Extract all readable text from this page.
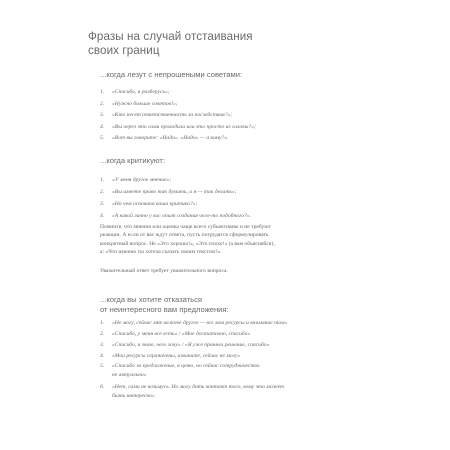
Фразы на случай отстаивания
своих границ
...когда лезут с непрошеными советами:
1. «Спасибо, я разберусь»;
2. «Нужно больше советов!»;
3. «Кто несет ответственность за последствия?»;
4. «Вы через это сами проходили или это просто из головы?»;
5. «Вот вы говорите: «Надо». «Надо» — а кому?».
...когда критикуют:
1. «У меня другое мнение»;
2. «Вы имеете право так думать, а я — так делать»;
3. «На чем основана ваша критика?»;
4. «А какой лично у вас опыт создания чего-то подобного?».
Помните, что мнения или оценка чаще всего субъективны и не требуют
реакции. А если от вас ждут ответа, пусть потрудятся сформулировать
конкретный вопрос. Не «Это хорошо!», «Это плохо!» (а вам объясняйся),
а: «Что именно ты хотела сказать своим текстом?».
Уважительный ответ требует уважительного вопроса.
...когда вы хотите отказаться
от неинтересного вам предложения:
1. «Не могу, сейчас мне важнее другое — все мои ресурсы и внимание там»
2. «Спасибо, у меня все есть» / «Мне достаточно, спасибо»
3. «Спасибо, я знаю, чего хочу» / «Я уже приняла решение, спасибо»
4. «Мои ресурсы ограничены, извините, сейчас не могу»
5. «Спасибо за предложение, я ценю, но сейчас сотрудничество
не актуально»
6. «Нет, сама не возьмусь. Но могу дать контакт того, кому это может
быть интересно»
